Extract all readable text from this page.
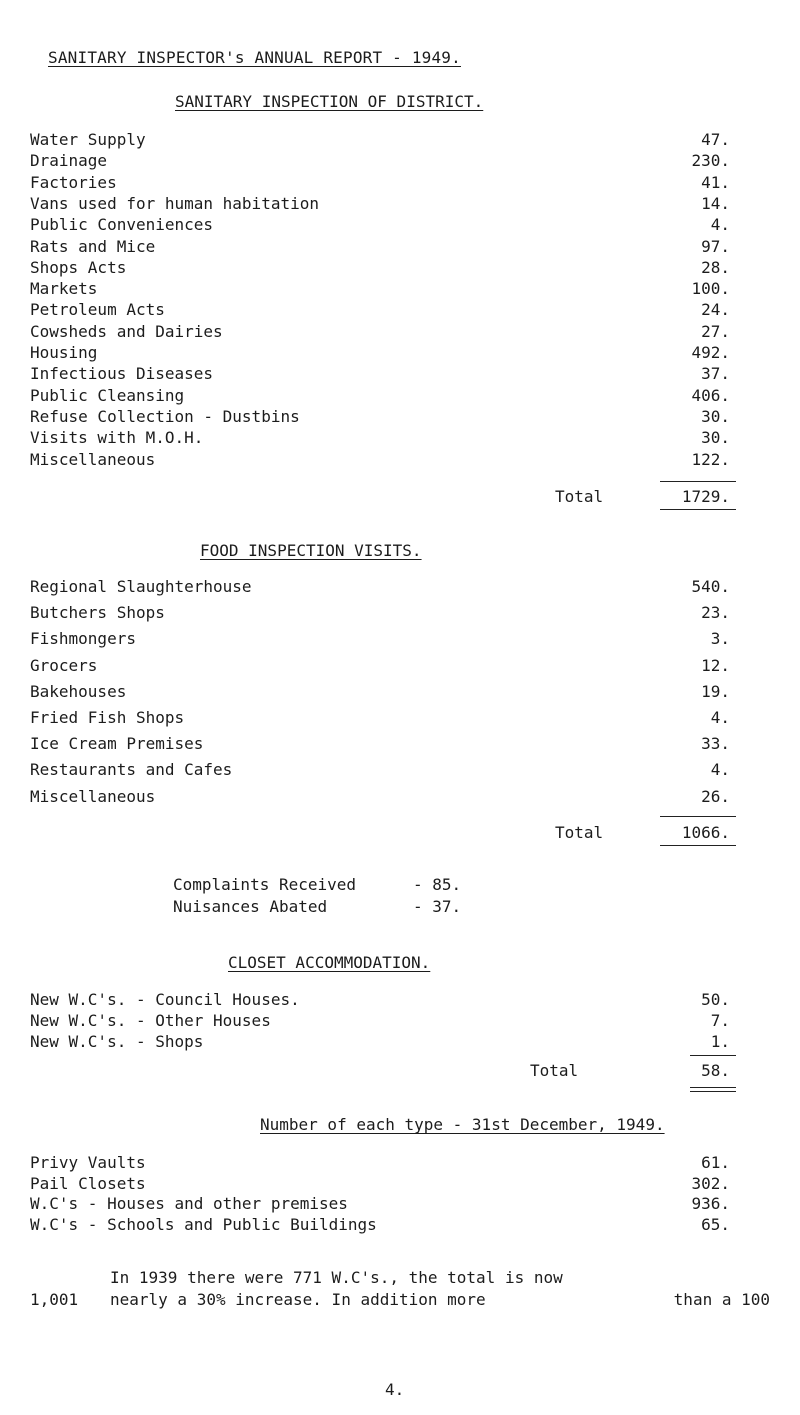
SANITARY INSPECTOR's ANNUAL REPORT - 1949.
SANITARY INSPECTION OF DISTRICT.
Water Supply	47.
Drainage	230.
Factories	41.
Vans used for human habitation	14.
Public Conveniences	4.
Rats and Mice	97.
Shops Acts	28.
Markets	100.
Petroleum Acts	24.
Cowsheds and Dairies	27.
Housing	492.
Infectious Diseases	37.
Public Cleansing	406.
Refuse Collection - Dustbins	30.
Visits with M.O.H.	30.
Miscellaneous	122.
Total	1729.
FOOD INSPECTION VISITS.
Regional Slaughterhouse	540.
Butchers Shops	23.
Fishmongers	3.
Grocers	12.
Bakehouses	19.
Fried Fish Shops	4.
Ice Cream Premises	33.
Restaurants and Cafes	4.
Miscellaneous	26.
Total	1066.
Complaints Received	- 85.
Nuisances Abated	- 37.
CLOSET ACCOMMODATION.
New W.C's. - Council Houses.	50.
New W.C's. - Other Houses	7.
New W.C's. - Shops	1.
Total	58.
Number of each type - 31st December, 1949.
Privy Vaults	61.
Pail Closets	302.
W.C's - Houses and other premises	936.
W.C's - Schools and Public Buildings	65.
In 1939 there were 771 W.C's., the total is now
1,001 nearly a 30% increase. In addition more	than a 100
4.
